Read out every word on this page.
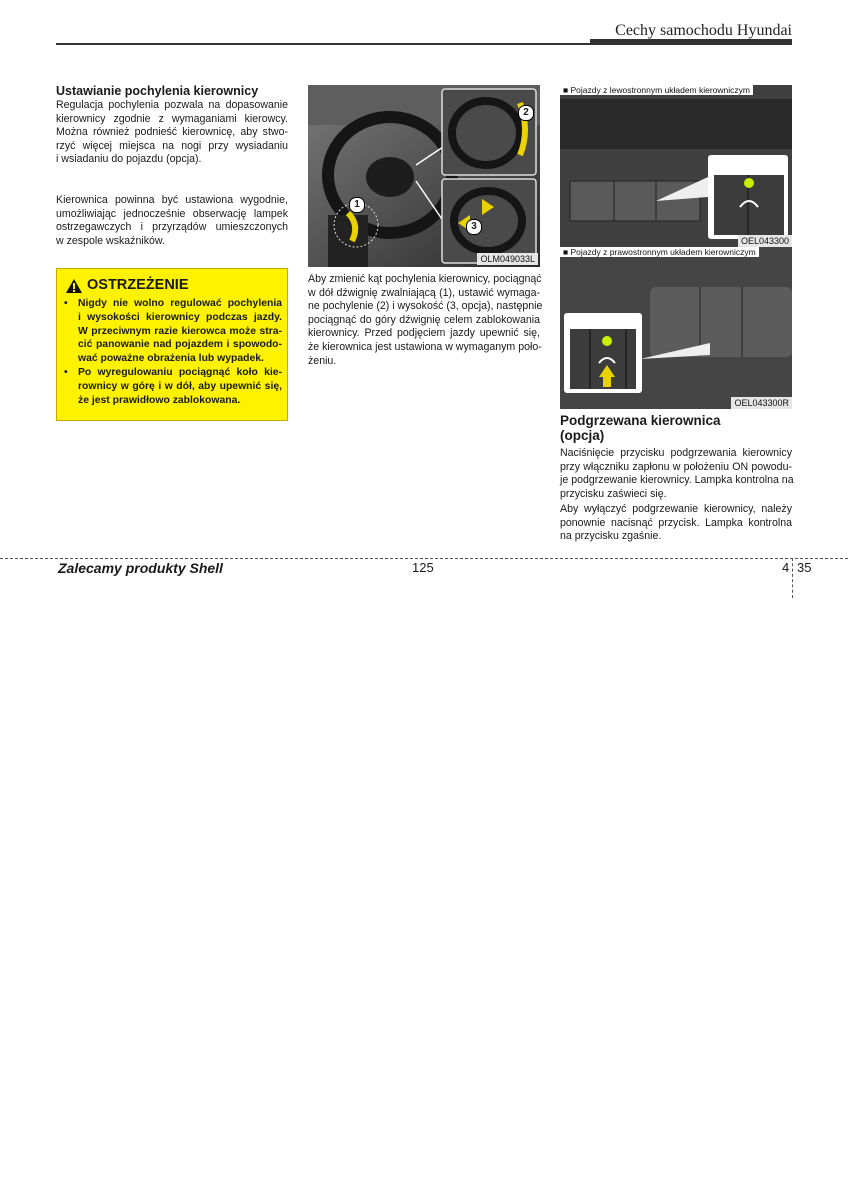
Cechy samochodu Hyundai
Ustawianie pochylenia kierownicy
Regulacja pochylenia pozwala na dopasowanie
kierownicy zgodnie z wymaganiami kierowcy.
Można również podnieść kierownicę, aby stwo-
rzyć więcej miejsca na nogi przy wysiadaniu
i wsiadaniu do pojazdu (opcja).
Kierownica powinna być ustawiona wygodnie,
umożliwiając jednocześnie obserwację lampek
ostrzegawczych i przyrządów umieszczonych
w zespole wskaźników.
OSTRZEŻENIE
• Nigdy nie wolno regulować pochylenia
i wysokości kierownicy podczas jazdy.
W przeciwnym razie kierowca może stra-
cić panowanie nad pojazdem i spowodo-
wać poważne obrażenia lub wypadek.
• Po wyregulowaniu pociągnąć koło kie-
rownicy w górę i w dół, aby upewnić się,
że jest prawidłowo zablokowana.
1
2
3
OLM049033L
Aby zmienić kąt pochylenia kierownicy, pociągnąć
w dół dźwignię zwalniającą (1), ustawić wymaga-
ne pochylenie (2) i wysokość (3, opcja), następnie
pociągnąć do góry dźwignię celem zablokowania
kierownicy. Przed podjęciem jazdy upewnić się,
że kierownica jest ustawiona w wymaganym poło-
żeniu.
■ Pojazdy z lewostronnym układem kierowniczym
OEL043300
■ Pojazdy z prawostronnym układem kierowniczym
OEL043300R
Podgrzewana kierownica
(opcja)
Naciśnięcie przycisku podgrzewania kierownicy
przy włączniku zapłonu w położeniu ON powodu-
je podgrzewanie kierownicy. Lampka kontrolna na
przycisku zaświeci się.
Aby wyłączyć podgrzewanie kierownicy, należy
ponownie nacisnąć przycisk. Lampka kontrolna
na przycisku zgaśnie.
Zalecamy produkty Shell	125	4 35
